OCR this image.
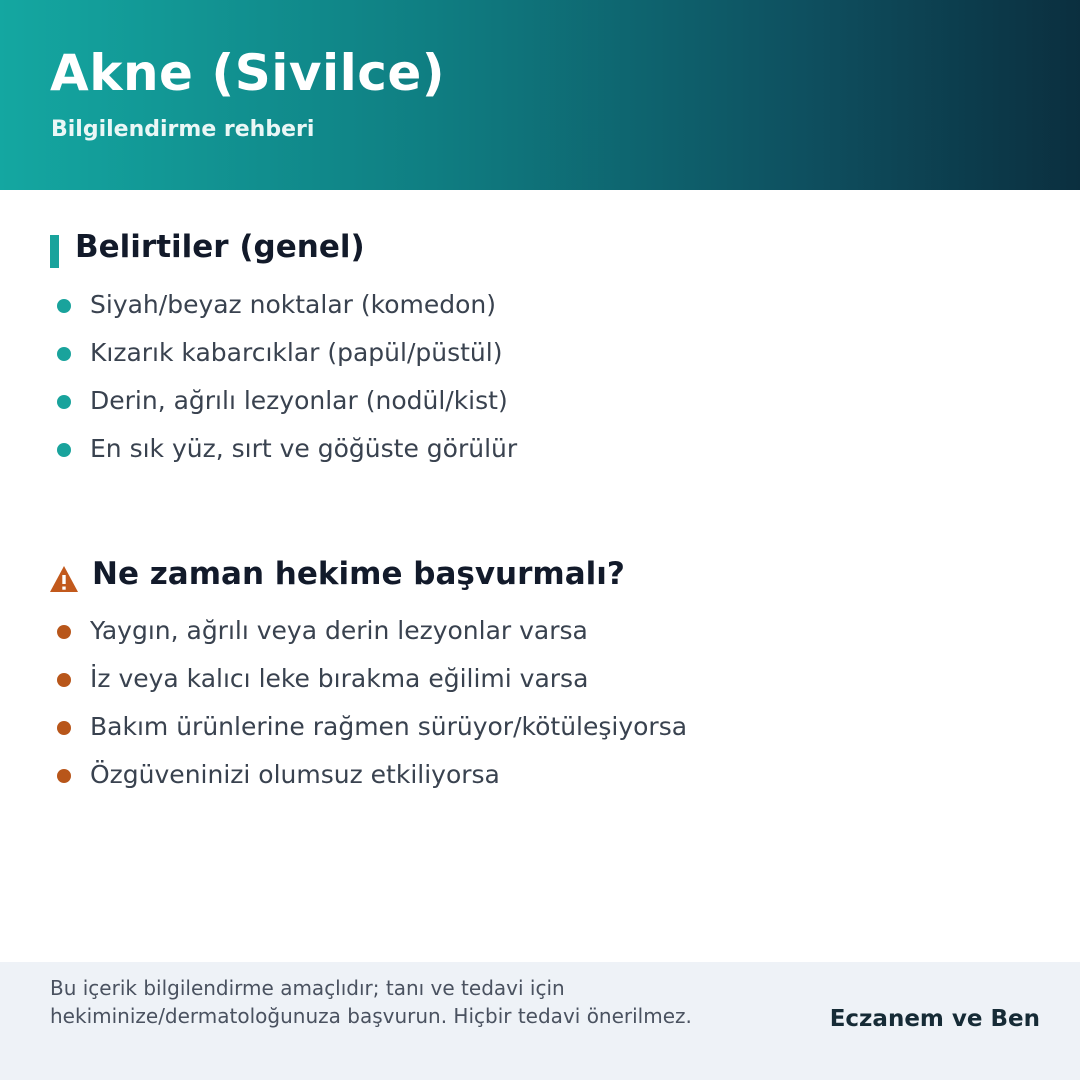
Akne (Sivilce)
Bilgilendirme rehberi
Belirtiler (genel)
Siyah/beyaz noktalar (komedon)
Kızarık kabarcıklar (papül/püstül)
Derin, ağrılı lezyonlar (nodül/kist)
En sık yüz, sırt ve göğüste görülür
Ne zaman hekime başvurmalı?
Yaygın, ağrılı veya derin lezyonlar varsa
İz veya kalıcı leke bırakma eğilimi varsa
Bakım ürünlerine rağmen sürüyor/kötüleşiyorsa
Özgüveninizi olumsuz etkiliyorsa
Bu içerik bilgilendirme amaçlıdır; tanı ve tedavi için hekiminize/dermatoloğunuza başvurun. Hiçbir tedavi önerilmez.	Eczanem ve Ben
